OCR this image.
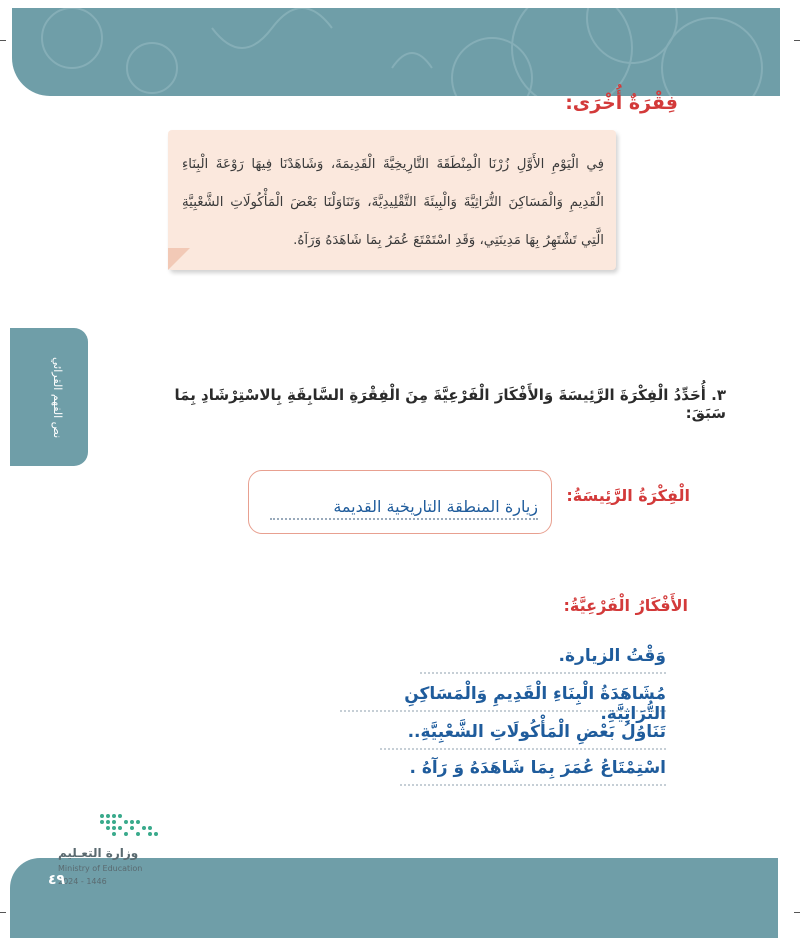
فِقْرَةٌ أُخْرَى:
فِي الْيَوْمِ الأَوَّلِ زُرْنَا الْمِنْطَقَةَ التَّارِيخِيَّةَ الْقَدِيمَةَ، وَشَاهَدْنَا فِيهَا رَوْعَةَ الْبِنَاءِ الْقَدِيمِ وَالْمَسَاكِنَ التُّرَاثِيَّةَ وَالْبِيئَةَ التَّقْلِيدِيَّةَ، وَتَنَاوَلْنَا بَعْضَ الْمَأْكُولَاتِ الشَّعْبِيَّةِ الَّتِي تَشْتَهِرُ بِهَا مَدِينَتِي، وَقَدِ اسْتَمْتَعَ عُمَرُ بِمَا شَاهَدَهُ وَرَآهُ.
نص الفهم القرائي	٣. أُحَدِّدُ الْفِكْرَةَ الرَّئِيسَةَ وَالأَفْكَارَ الْفَرْعِيَّةَ مِنَ الْفِقْرَةِ السَّابِقَةِ بِالاسْتِرْشَادِ بِمَا سَبَقَ:
الْفِكْرَةُ الرَّئِيسَةُ:
زيارة المنطقة التاريخية القديمة
الأَفْكَارُ الْفَرْعِيَّةُ:
وَقْتُ الزيارة.
مُشَاهَدَةُ الْبِنَاءِ الْقَدِيمِ وَالْمَسَاكِنِ التُّرَاثِيَّةِ.
تَنَاوُلُ بَعْضِ الْمَأْكُولَاتِ الشَّعْبِيَّةِ..
اسْتِمْتَاعُ عُمَرَ بِمَا شَاهَدَهُ وَ رَآهُ .
وزارة التعـليم
Ministry of Education
2024 - 1446
٤٩
